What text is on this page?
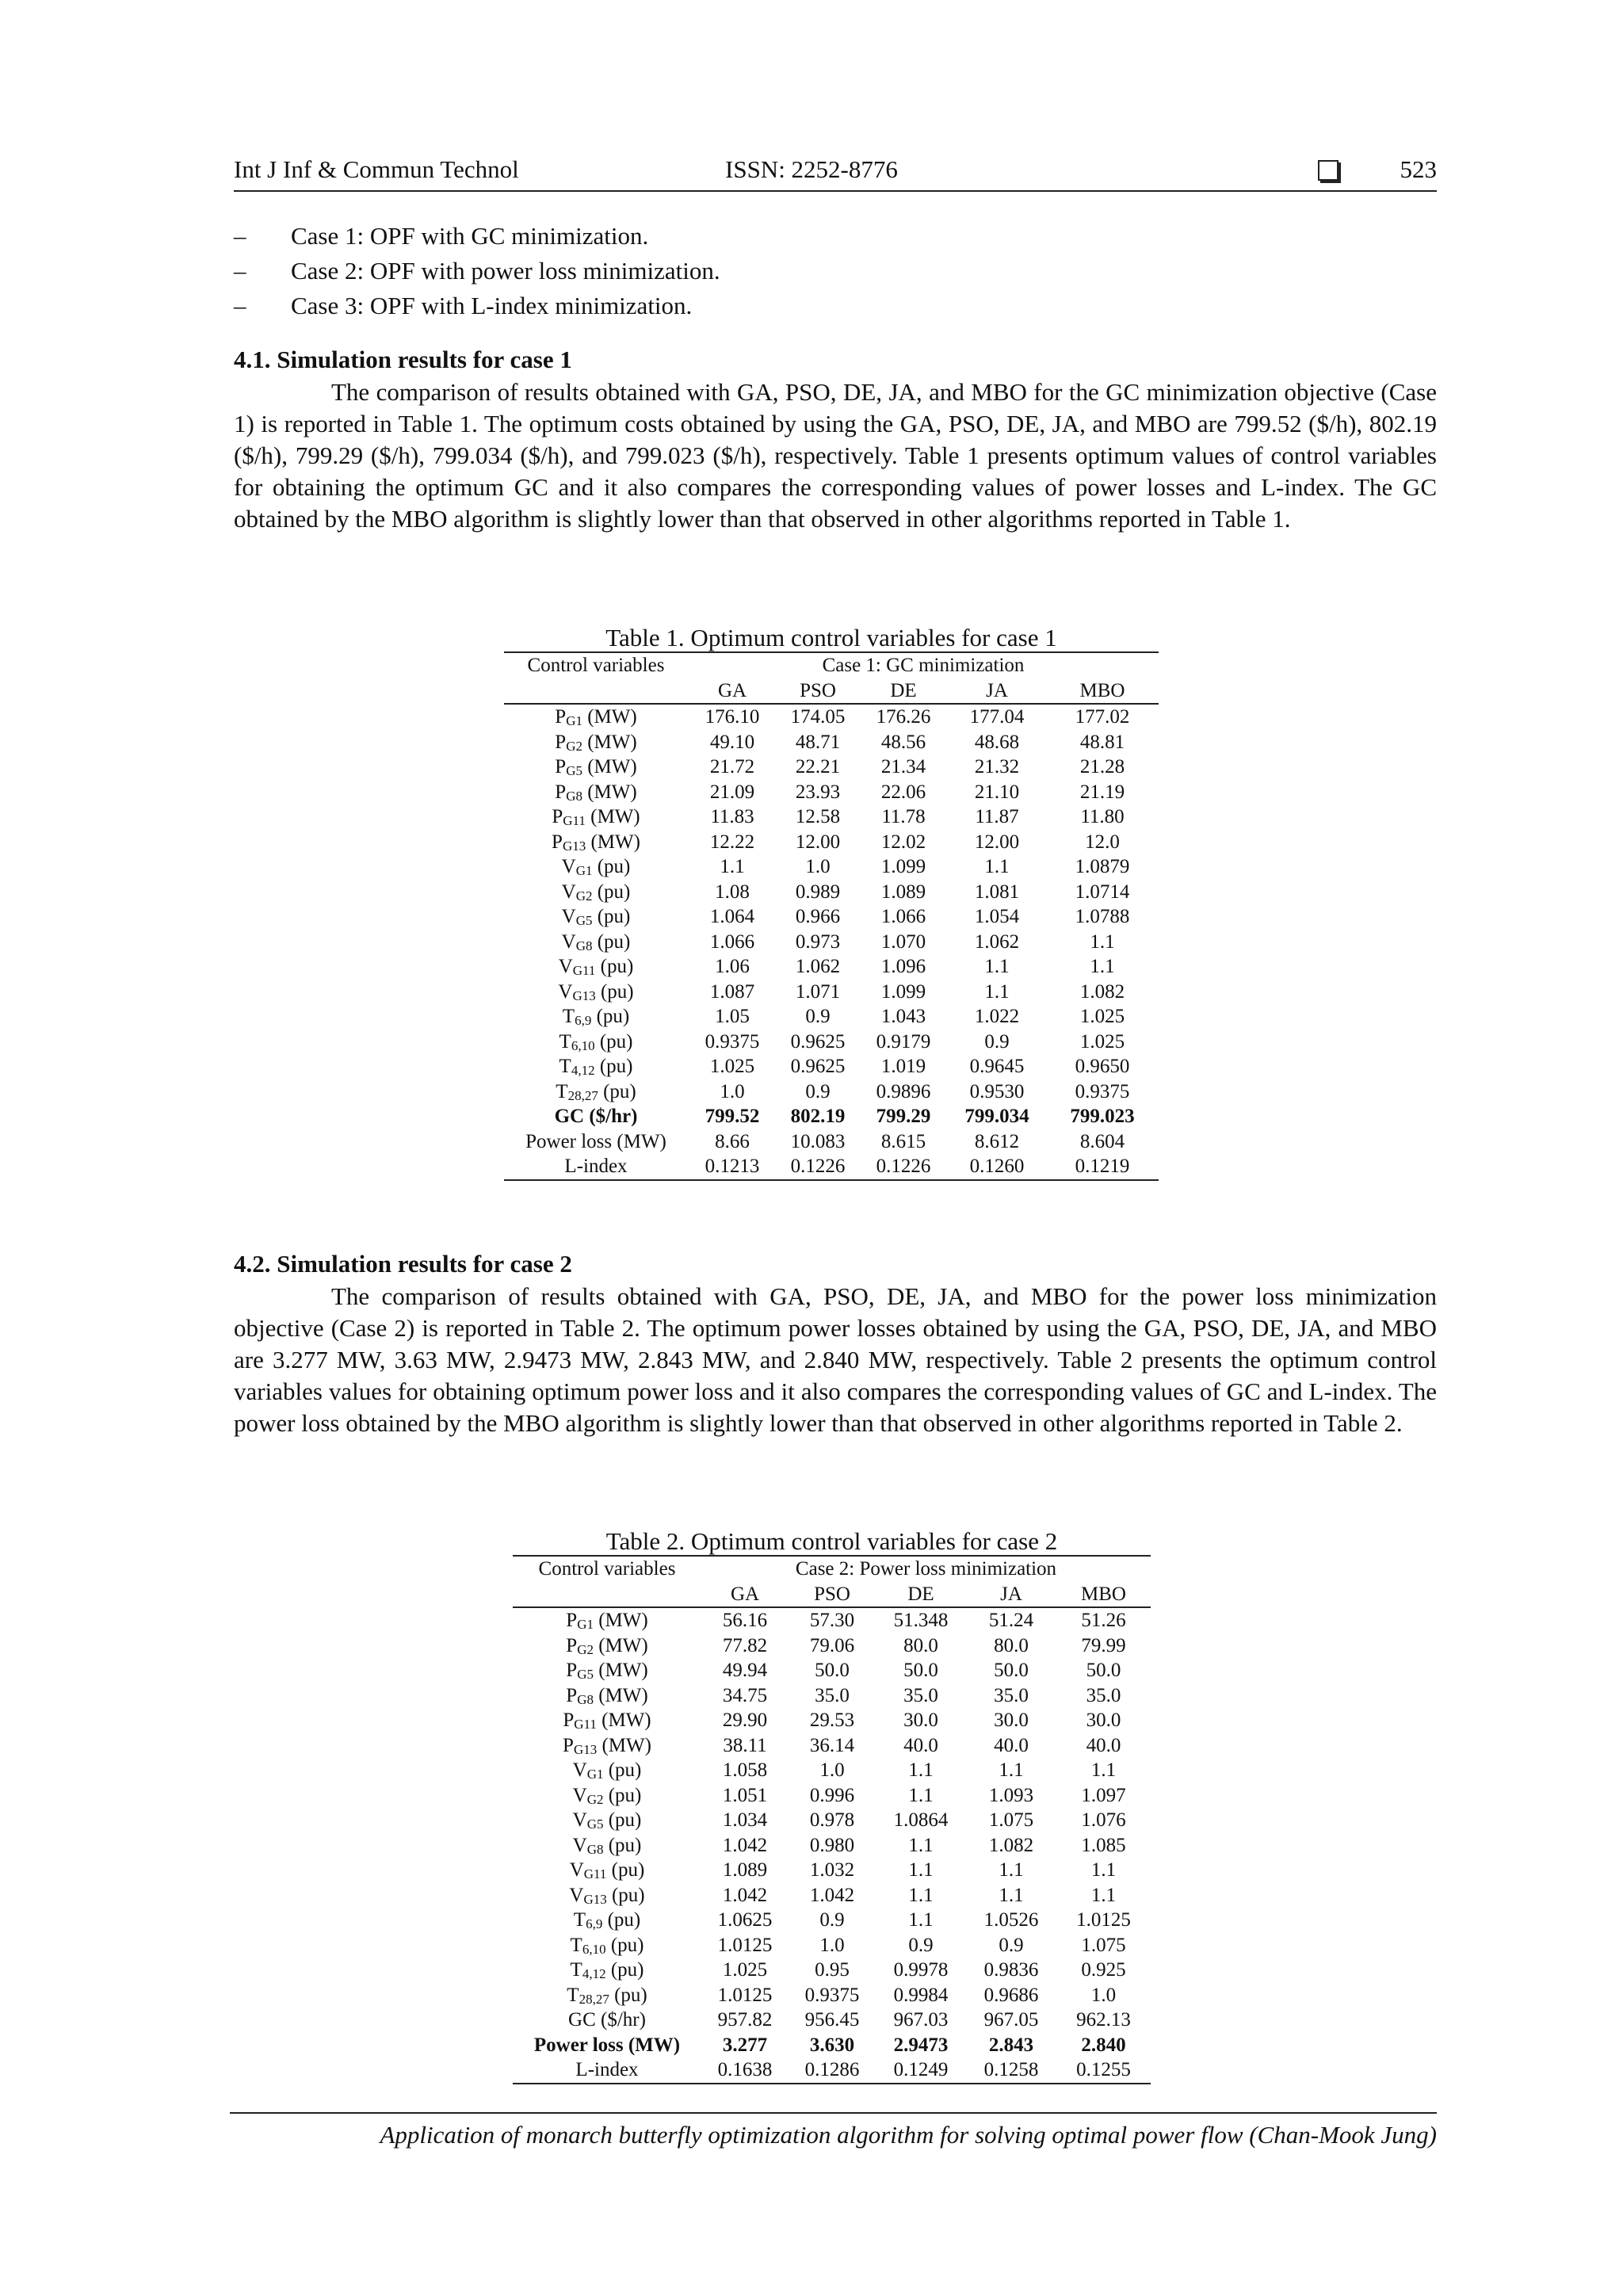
Int J Inf & Commun Technol	ISSN: 2252-8776	523
– Case 1: OPF with GC minimization.
– Case 2: OPF with power loss minimization.
– Case 3: OPF with L-index minimization.
4.1. Simulation results for case 1

The comparison of results obtained with GA, PSO, DE, JA, and MBO for the GC minimization objective (Case 1) is reported in Table 1. The optimum costs obtained by using the GA, PSO, DE, JA, and MBO are 799.52 ($/h), 802.19 ($/h), 799.29 ($/h), 799.034 ($/h), and 799.023 ($/h), respectively. Table 1 presents optimum values of control variables for obtaining the optimum GC and it also compares the corresponding values of power losses and L-index. The GC obtained by the MBO algorithm is slightly lower than that observed in other algorithms reported in Table 1.

Table 1. Optimum control variables for case 1
Control variables	Case 1: GC minimization				
	GA	PSO	DE	JA	MBO
$P_{G1}$ (MW)	176.10	174.05	176.26	177.04	177.02
$P_{G2}$ (MW)	49.10	48.71	48.56	48.68	48.81
$P_{G5}$ (MW)	21.72	22.21	21.34	21.32	21.28
$P_{G8}$ (MW)	21.09	23.93	22.06	21.10	21.19
$P_{G11}$ (MW)	11.83	12.58	11.78	11.87	11.80
$P_{G13}$ (MW)	12.22	12.00	12.02	12.00	12.0
$V_{G1}$ (pu)	1.1	1.0	1.099	1.1	1.0879
$V_{G2}$ (pu)	1.08	0.989	1.089	1.081	1.0714
$V_{G5}$ (pu)	1.064	0.966	1.066	1.054	1.0788
$V_{G8}$ (pu)	1.066	0.973	1.070	1.062	1.1
$V_{G11}$ (pu)	1.06	1.062	1.096	1.1	1.1
$V_{G13}$ (pu)	1.087	1.071	1.099	1.1	1.082
$T_{6,9}$ (pu)	1.05	0.9	1.043	1.022	1.025
$T_{6,10}$ (pu)	0.9375	0.9625	0.9179	0.9	1.025
$T_{4,12}$ (pu)	1.025	0.9625	1.019	0.9645	0.9650
$T_{28,27}$ (pu)	1.0	0.9	0.9896	0.9530	0.9375
GC ($/hr)	799.52	802.19	799.29	799.034	799.023
Power loss (MW)	8.66	10.083	8.615	8.612	8.604
L-index	0.1213	0.1226	0.1226	0.1260	0.1219
4.2. Simulation results for case 2

The comparison of results obtained with GA, PSO, DE, JA, and MBO for the power loss minimization objective (Case 2) is reported in Table 2. The optimum power losses obtained by using the GA, PSO, DE, JA, and MBO are 3.277 MW, 3.63 MW, 2.9473 MW, 2.843 MW, and 2.840 MW, respectively. Table 2 presents the optimum control variables values for obtaining optimum power loss and it also compares the corresponding values of GC and L-index. The power loss obtained by the MBO algorithm is slightly lower than that observed in other algorithms reported in Table 2.

Table 2. Optimum control variables for case 2
Control variables	Case 2: Power loss minimization				
	GA	PSO	DE	JA	MBO
$P_{G1}$ (MW)	56.16	57.30	51.348	51.24	51.26
$P_{G2}$ (MW)	77.82	79.06	80.0	80.0	79.99
$P_{G5}$ (MW)	49.94	50.0	50.0	50.0	50.0
$P_{G8}$ (MW)	34.75	35.0	35.0	35.0	35.0
$P_{G11}$ (MW)	29.90	29.53	30.0	30.0	30.0
$P_{G13}$ (MW)	38.11	36.14	40.0	40.0	40.0
$V_{G1}$ (pu)	1.058	1.0	1.1	1.1	1.1
$V_{G2}$ (pu)	1.051	0.996	1.1	1.093	1.097
$V_{G5}$ (pu)	1.034	0.978	1.0864	1.075	1.076
$V_{G8}$ (pu)	1.042	0.980	1.1	1.082	1.085
$V_{G11}$ (pu)	1.089	1.032	1.1	1.1	1.1
$V_{G13}$ (pu)	1.042	1.042	1.1	1.1	1.1
$T_{6,9}$ (pu)	1.0625	0.9	1.1	1.0526	1.0125
$T_{6,10}$ (pu)	1.0125	1.0	0.9	0.9	1.075
$T_{4,12}$ (pu)	1.025	0.95	0.9978	0.9836	0.925
$T_{28,27}$ (pu)	1.0125	0.9375	0.9984	0.9686	1.0
GC ($/hr)	957.82	956.45	967.03	967.05	962.13
Power loss (MW)	3.277	3.630	2.9473	2.843	2.840
L-index	0.1638	0.1286	0.1249	0.1258	0.1255
Application of monarch butterfly optimization algorithm for solving optimal power flow (Chan-Mook Jung)
